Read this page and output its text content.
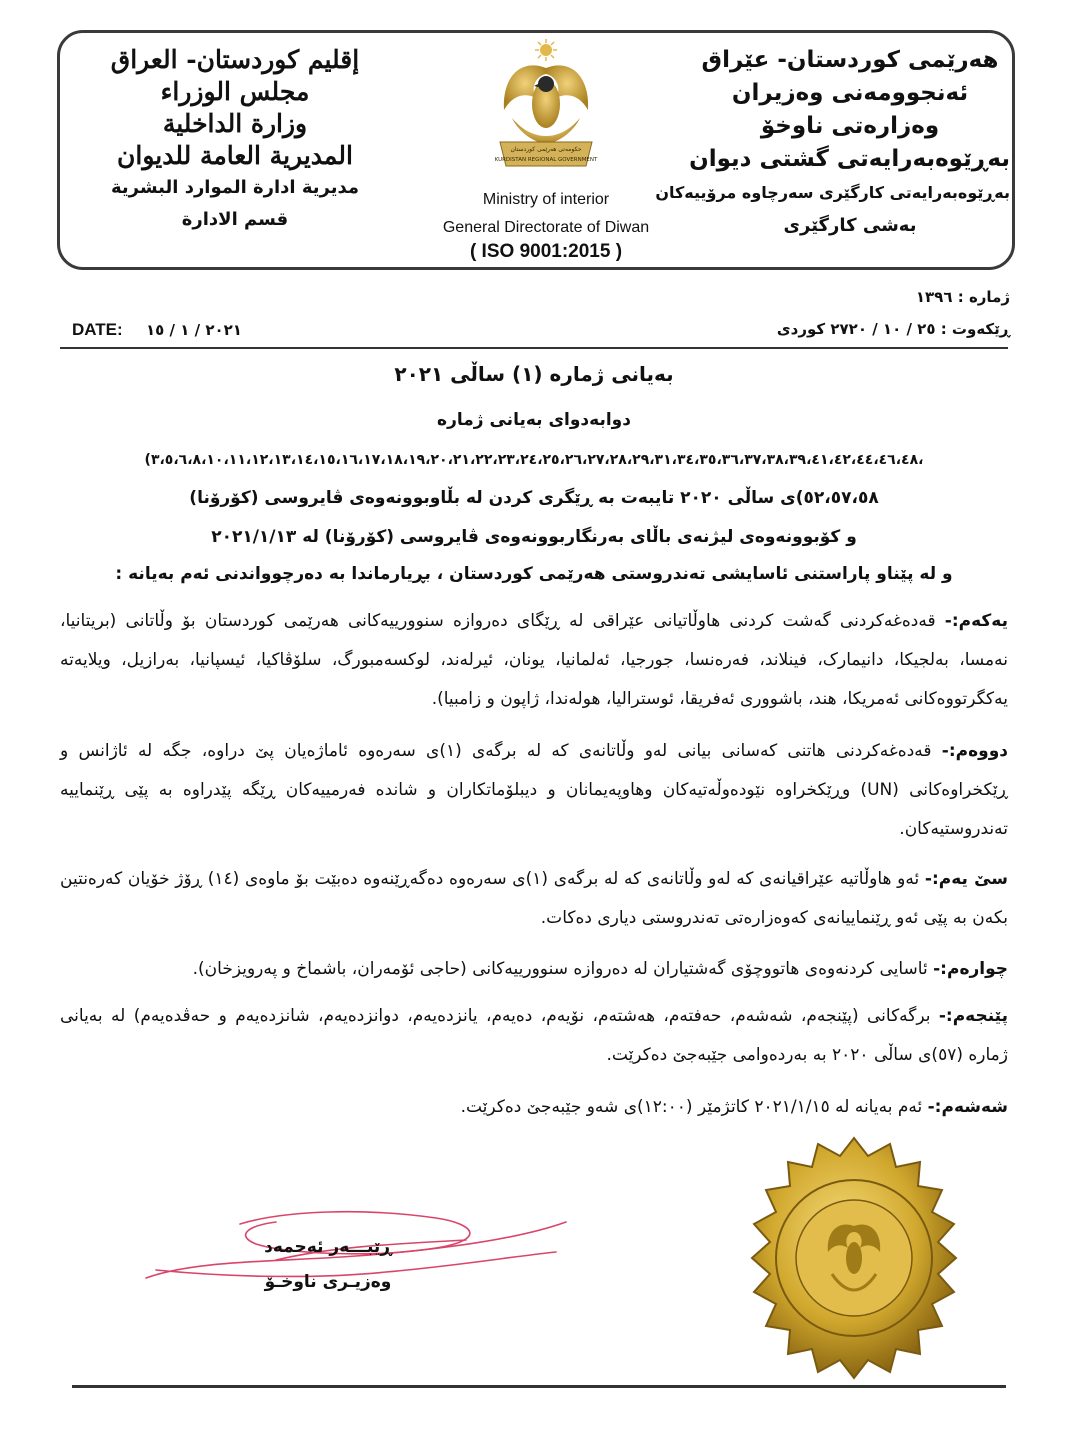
إقليم كوردستان- العراق
مجلس الوزراء
وزارة الداخلية
المديرية العامة للديوان
مديرية ادارة الموارد البشرية
قسم الادارة
هەرێمی کوردستان- عێراق
ئەنجوومەنی وەزیران
وەزارەتی ناوخۆ
بەڕێوەبەرایەتی گشتی دیوان
بەڕێوەبەرایەتی کارگێری سەرچاوە مرۆییەکان
بەشی کارگێری
حکومەتی هەرێمی کوردستان
KURDISTAN REGIONAL GOVERNMENT
Ministry of interior
General Directorate of Diwan
( ISO 9001:2015 )
ژمارە : ١٣٩٦
ڕێکەوت : ٢٥ / ١٠ / ٢٧٢٠ کوردی
DATE: ٢٠٢١ / ١ / ١٥
بەیانی ژمارە (١) ساڵی ٢٠٢١
دوابەدوای بەیانی ژمارە
(٣،٥،٦،٨،١٠،١١،١٢،١٣،١٤،١٥،١٦،١٧،١٨،١٩،٢٠،٢١،٢٢،٢٣،٢٤،٢٥،٢٦،٢٧،٢٨،٢٩،٣١،٣٤،٣٥،٣٦،٣٧،٣٨،٣٩،٤١،٤٢،٤٤،٤٦،٤٨،
٥٢،٥٧،٥٨)ی ساڵی ٢٠٢٠ تایبەت بە ڕێگری کردن لە بڵاوبوونەوەی ڤایروسی (کۆرۆنا)
و کۆبوونەوەی لیژنەی باڵای بەرنگاربوونەوەی ڤایروسی (کۆرۆنا) لە ٢٠٢١/١/١٣
و لە پێناو پاراستنی ئاسایشی تەندروستی هەرێمی کوردستان ، بڕیارماندا بە دەرچوواندنی ئەم بەیانە :
یەکەم:- قەدەغەکردنی گەشت کردنی هاوڵاتیانی عێراقی لە ڕێگای دەروازە سنوورییەکانی هەرێمی کوردستان بۆ وڵاتانی (بریتانیا، نەمسا، بەلجیکا، دانیمارک، فینلاند، فەرەنسا، جورجیا، ئەلمانیا، یونان، ئیرلەند، لوکسەمبورگ، سلۆڤاکیا، ئیسپانیا، بەرازیل، ویلایەتە یەکگرتووەکانی ئەمریکا، هند، باشووری ئەفریقا، ئوسترالیا، هولەندا، ژاپون و زامبیا).
دووەم:- قەدەغەکردنی هاتنی کەسانی بیانی لەو وڵاتانەی کە لە برگەی (١)ی سەرەوە ئاماژەیان پێ دراوە، جگە لە ئاژانس و ڕێکخراوەکانی (UN) وڕێکخراوە نێودەوڵەتیەکان وهاوپەیمانان و دیبلۆماتکاران و شاندە فەرمییەکان ڕێگە پێدراوە بە پێی ڕێنماییە تەندروستیەکان.
سێ یەم:- ئەو هاوڵاتیە عێراقیانەی کە لەو وڵاتانەی کە لە برگەی (١)ی سەرەوە دەگەڕێنەوە دەبێت بۆ ماوەی (١٤) ڕۆژ خۆیان کەرەنتین بکەن بە پێی ئەو ڕێنماییانەی کەوەزارەتی تەندروستی دیاری دەکات.
چوارەم:- ئاسایی کردنەوەی هاتووچۆی گەشتیاران لە دەروازە سنوورییەکانی (حاجی ئۆمەران، باشماخ و پەرویزخان).
پێنجەم:- برگەکانی (پێنجەم، شەشەم، حەفتەم، هەشتەم، نۆیەم، دەیەم، یانزدەیەم، دوانزدەیەم، شانزدەیەم و حەڤدەیەم) لە بەیانی ژمارە (٥٧)ی ساڵی ٢٠٢٠ بە بەردەوامی جێبەجێ دەکرێت.
شەشەم:- ئەم بەیانە لە ٢٠٢١/١/١٥ کاتژمێر (١٢:٠٠)ی شەو جێبەجێ دەکرێت.
ڕێبـــەر ئەحمەد
وەزیـری ناوخـۆ
